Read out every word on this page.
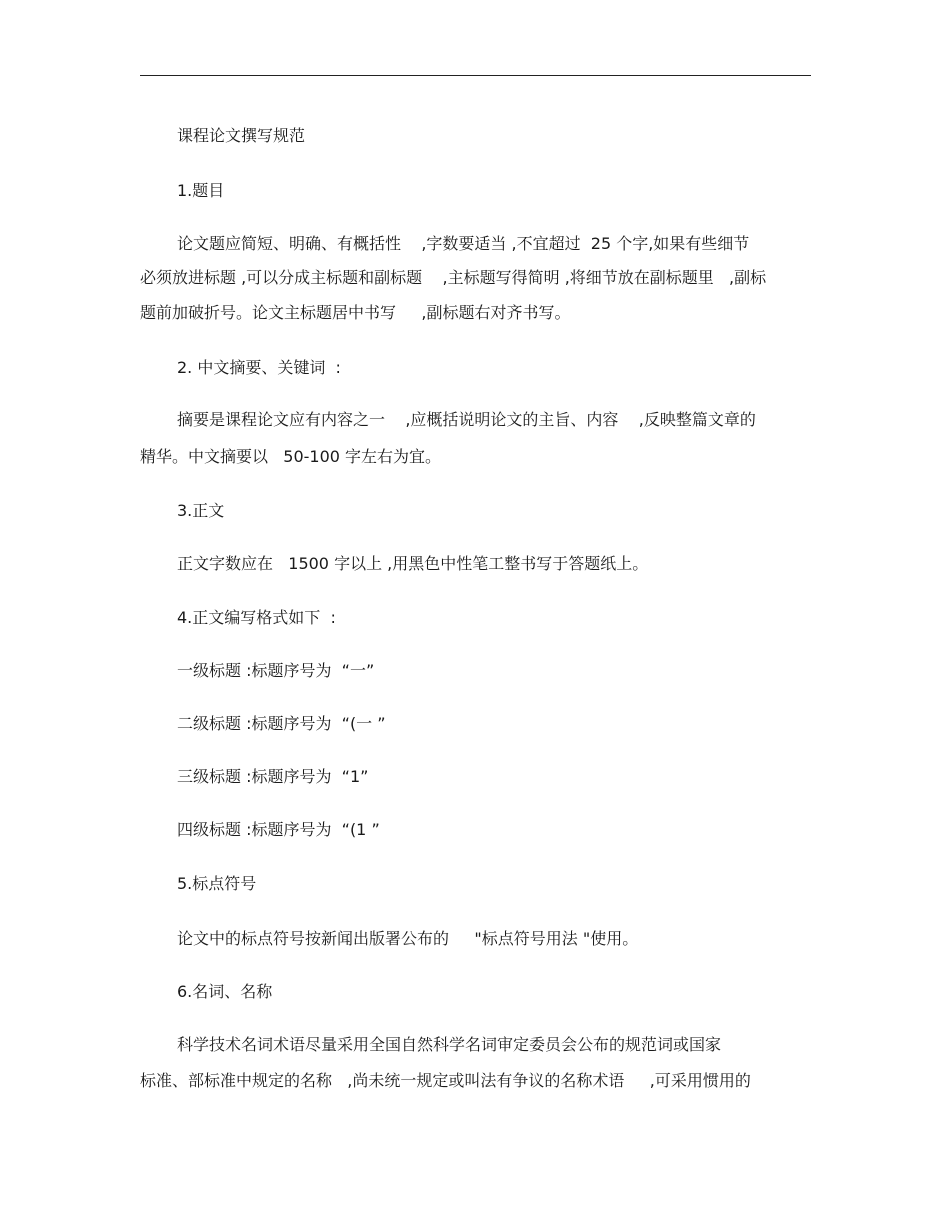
课程论文撰写规范

1.题目

论文题应简短、明确、有概括性    ,字数要适当 ,不宜超过  25 个字,如果有些细节

必须放进标题 ,可以分成主标题和副标题    ,主标题写得简明 ,将细节放在副标题里   ,副标

题前加破折号。论文主标题居中书写     ,副标题右对齐书写。

2. 中文摘要、关键词  :

摘要是课程论文应有内容之一    ,应概括说明论文的主旨、内容    ,反映整篇文章的

精华。中文摘要以   50-100 字左右为宜。

3.正文

正文字数应在   1500 字以上 ,用黑色中性笔工整书写于答题纸上。

4.正文编写格式如下  :

一级标题 :标题序号为  “一”

二级标题 :标题序号为  “(一 ”

三级标题 :标题序号为  “1”

四级标题 :标题序号为  “(1 ”

5.标点符号

论文中的标点符号按新闻出版署公布的     "标点符号用法 "使用。

6.名词、名称

科学技术名词术语尽量采用全国自然科学名词审定委员会公布的规范词或国家

标准、部标准中规定的名称   ,尚未统一规定或叫法有争议的名称术语     ,可采用惯用的
